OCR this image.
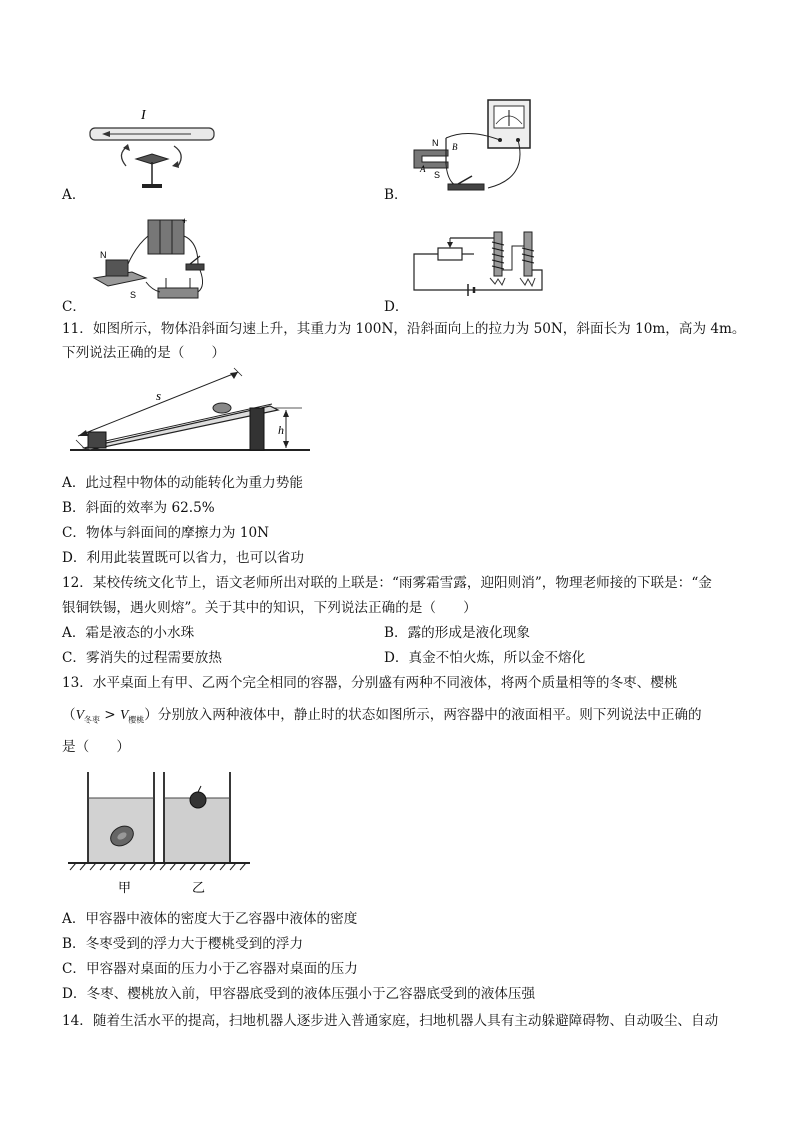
A．
I
B．
N
S
B
A
C．
+
N
S
D．
11．如图所示，物体沿斜面匀速上升，其重力为 100N，沿斜面向上的拉力为 50N，斜面长为 10m，高为 4m。
下列说法正确的是（　　）
s
h
A．此过程中物体的动能转化为重力势能
B．斜面的效率为 62.5%
C．物体与斜面间的摩擦力为 10N
D．利用此装置既可以省力，也可以省功
12．某校传统文化节上，语文老师所出对联的上联是：“雨雾霜雪露，迎阳则消”，物理老师接的下联是：“金
银铜铁锡，遇火则熔”。关于其中的知识，下列说法正确的是（　　）
A．霜是液态的小水珠	B．露的形成是液化现象
C．雾消失的过程需要放热	D．真金不怕火炼，所以金不熔化
13．水平桌面上有甲、乙两个完全相同的容器，分别盛有两种不同液体，将两个质量相等的冬枣、樱桃
$(V_{冬枣} > V_{樱桃})$分别放入两种液体中，静止时的状态如图所示，两容器中的液面相平。则下列说法中正确的
是（　　）
甲	乙
A．甲容器中液体的密度大于乙容器中液体的密度
B．冬枣受到的浮力大于樱桃受到的浮力
C．甲容器对桌面的压力小于乙容器对桌面的压力
D．冬枣、樱桃放入前，甲容器底受到的液体压强小于乙容器底受到的液体压强
14．随着生活水平的提高，扫地机器人逐步进入普通家庭，扫地机器人具有主动躲避障碍物、自动吸尘、自动
